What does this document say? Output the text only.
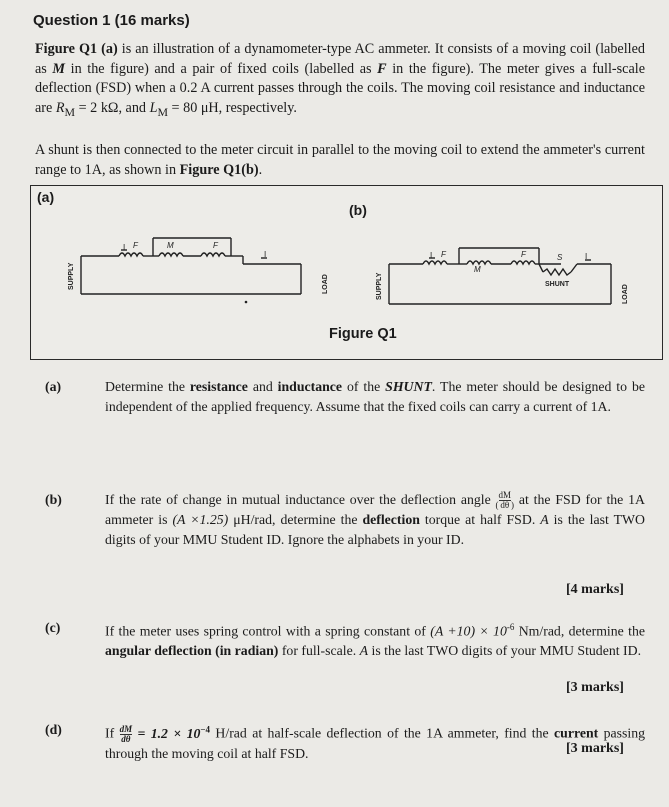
Question 1 (16 marks)
Figure Q1 (a) is an illustration of a dynamometer-type AC ammeter. It consists of a moving coil (labelled as M in the figure) and a pair of fixed coils (labelled as F in the figure). The meter gives a full-scale deflection (FSD) when a 0.2 A current passes through the coils. The moving coil resistance and inductance are $R_M = 2$ kΩ, and $L_M = 80$ μH, respectively.
A shunt is then connected to the meter circuit in parallel to the moving coil to extend the ammeter's current range to 1A, as shown in Figure Q1(b).
(a)
(b)
I F	M	F
I
SUPPLY	LOAD
I F
M
F	S	I
SHUNT
SUPPLY	LOAD
Figure Q1
(a)	Determine the resistance and inductance of the SHUNT. The meter should be designed to be independent of the applied frequency. Assume that the fixed coils can carry a current of 1A.
(b)	If the rate of change in mutual inductance over the deflection angle ( $\frac{dM}{d\theta}$ ) at the FSD for the 1A ammeter is (A ×1.25) μH/rad, determine the deflection torque at half FSD. A is the last TWO digits of your MMU Student ID. Ignore the alphabets in your ID.
[4 marks]
(c)	If the meter uses spring control with a spring constant of $(A +10) \times 10^{-6}$ Nm/rad, determine the angular deflection (in radian) for full-scale. A is the last TWO digits of your MMU Student ID.
[3 marks]
(d)	If $\frac{dM}{d\theta} = 1.2 \times 10^{-4}$ H/rad at half-scale deflection of the 1A ammeter, find the current passing through the moving coil at half FSD.	[3 marks]
